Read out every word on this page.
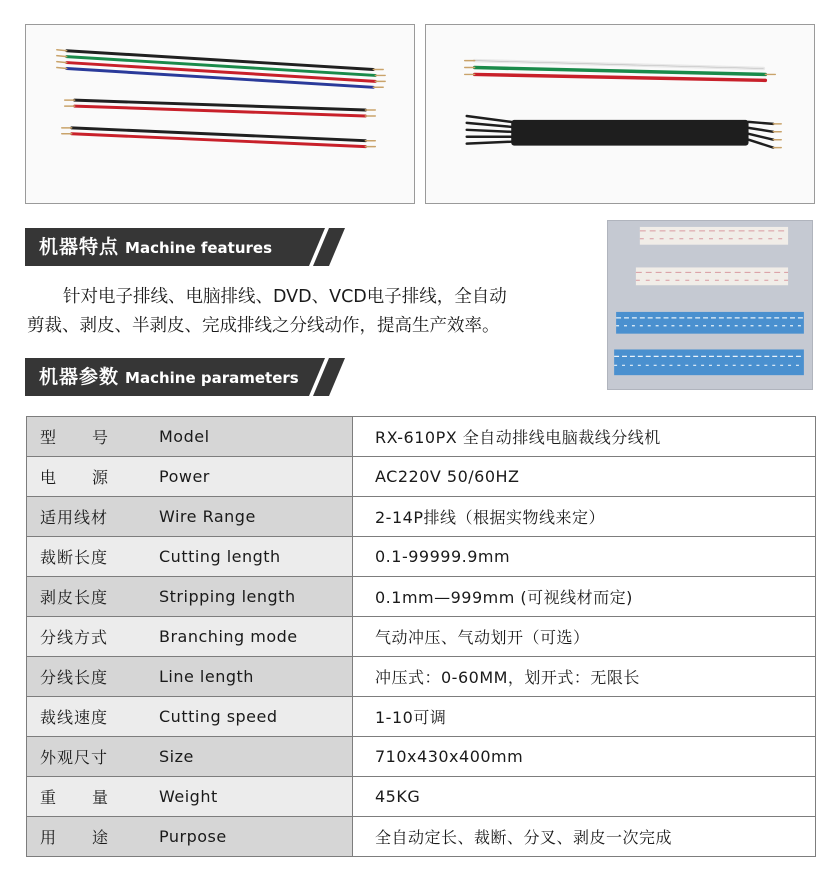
机器特点 Machine features

针对电子排线、电脑排线、DVD、VCD电子排线，全自动

剪裁、剥皮、半剥皮、完成排线之分线动作，提高生产效率。

机器参数 Machine parameters
型号 Model	RX-610PX 全自动排线电脑裁线分线机

电源 Power	AC220V 50/60HZ

适用线材 Wire Range	2-14P排线（根据实物线来定）

裁断长度 Cutting length	0.1-99999.9mm

剥皮长度 Stripping length	0.1mm—999mm (可视线材而定)

分线方式 Branching mode	气动冲压、气动划开（可选）

分线长度 Line length	冲压式：0-60MM，划开式：无限长

裁线速度 Cutting speed	1-10可调

外观尺寸 Size	710x430x400mm

重量 Weight	45KG

用途 Purpose	全自动定长、裁断、分叉、剥皮一次完成
